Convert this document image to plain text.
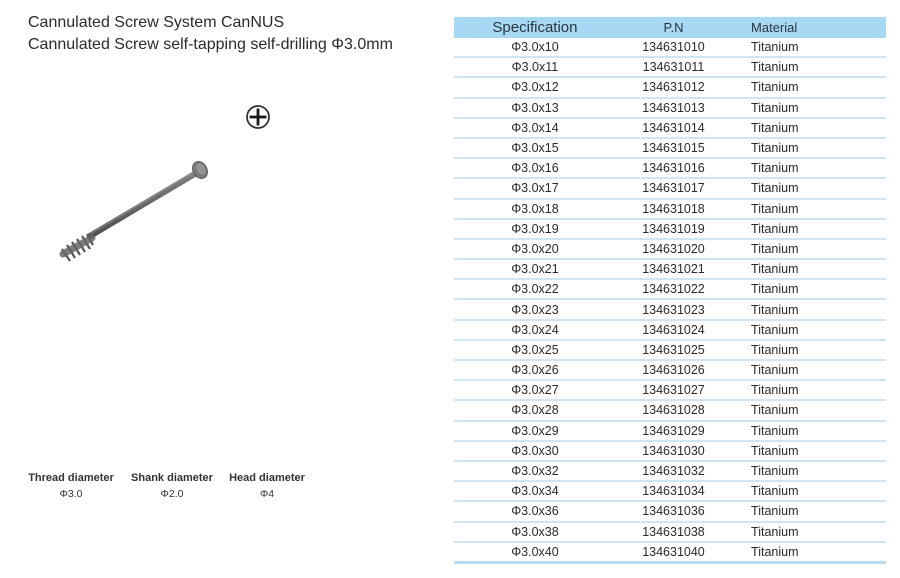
Cannulated Screw System CanNUS
Cannulated Screw self-tapping self-drilling Φ3.0mm
Thread diameter
Φ3.0
Shank diameter
Φ2.0
Head diameter
Φ4
Specification	P.N	Material
Φ3.0x10	134631010	Titanium
Φ3.0x11	134631011	Titanium
Φ3.0x12	134631012	Titanium
Φ3.0x13	134631013	Titanium
Φ3.0x14	134631014	Titanium
Φ3.0x15	134631015	Titanium
Φ3.0x16	134631016	Titanium
Φ3.0x17	134631017	Titanium
Φ3.0x18	134631018	Titanium
Φ3.0x19	134631019	Titanium
Φ3.0x20	134631020	Titanium
Φ3.0x21	134631021	Titanium
Φ3.0x22	134631022	Titanium
Φ3.0x23	134631023	Titanium
Φ3.0x24	134631024	Titanium
Φ3.0x25	134631025	Titanium
Φ3.0x26	134631026	Titanium
Φ3.0x27	134631027	Titanium
Φ3.0x28	134631028	Titanium
Φ3.0x29	134631029	Titanium
Φ3.0x30	134631030	Titanium
Φ3.0x32	134631032	Titanium
Φ3.0x34	134631034	Titanium
Φ3.0x36	134631036	Titanium
Φ3.0x38	134631038	Titanium
Φ3.0x40	134631040	Titanium
